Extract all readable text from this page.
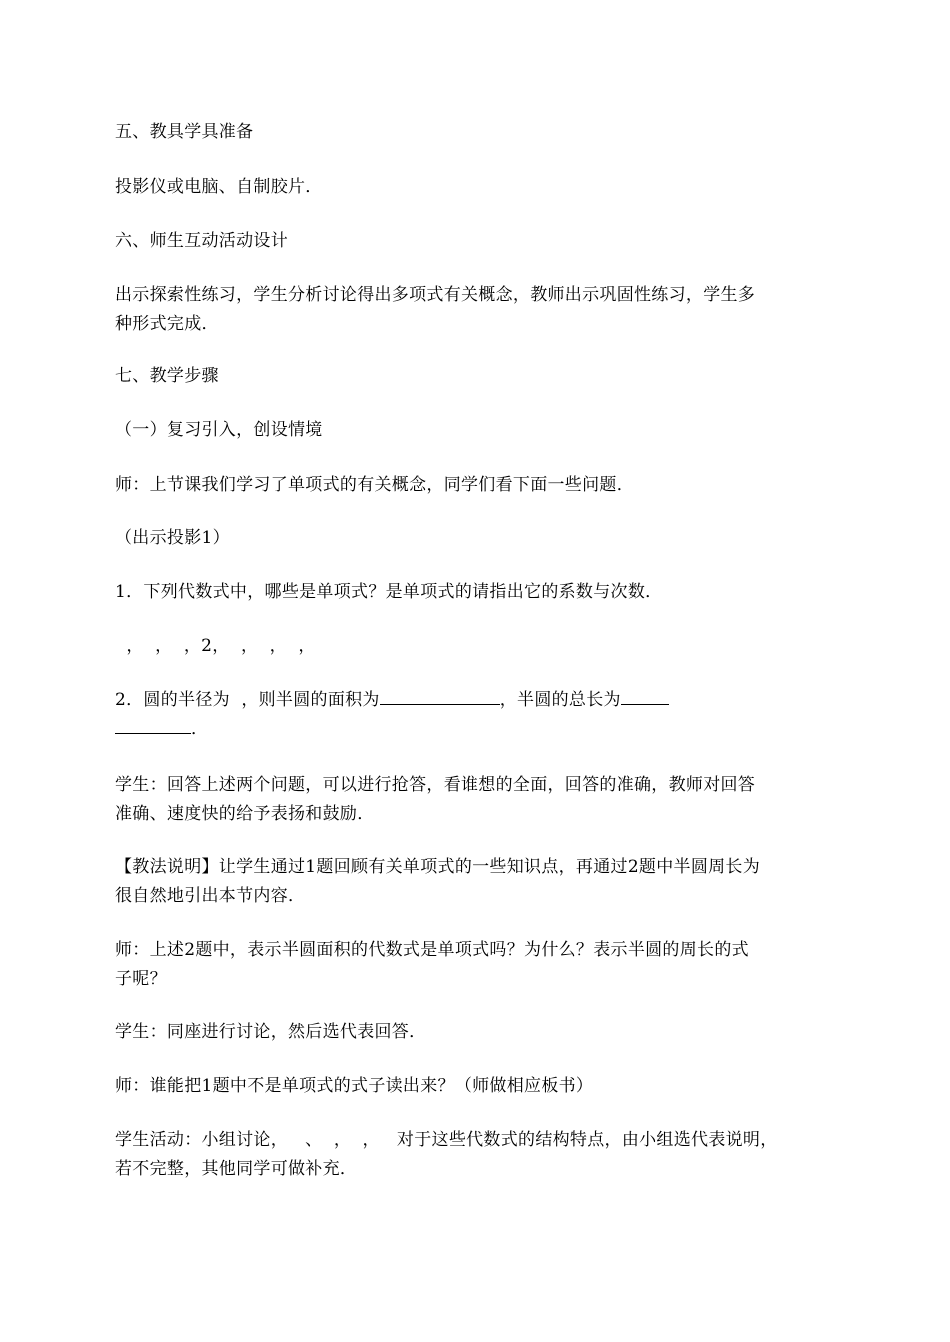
五、教具学具准备
投影仪或电脑、自制胶片．
六、师生互动活动设计
出示探索性练习，学生分析讨论得出多项式有关概念，教师出示巩固性练习，学生多
种形式完成．
七、教学步骤
（一）复习引入，创设情境
师：上节课我们学习了单项式的有关概念，同学们看下面一些问题．
（出示投影1）
1．下列代数式中，哪些是单项式？是单项式的请指出它的系数与次数．
，  ，  ，2，  ，  ，  ，
2．圆的半径为  ，则半圆的面积为	，半圆的总长为
．
学生：回答上述两个问题，可以进行抢答，看谁想的全面，回答的准确，教师对回答
准确、速度快的给予表扬和鼓励．
【教法说明】让学生通过1题回顾有关单项式的一些知识点，再通过2题中半圆周长为
很自然地引出本节内容．
师：上述2题中，表示半圆面积的代数式是单项式吗？为什么？表示半圆的周长的式
子呢？
学生：同座进行讨论，然后选代表回答．
师：谁能把1题中不是单项式的式子读出来？（师做相应板书）
学生活动：小组讨论，   、  ，  ，   对于这些代数式的结构特点，由小组选代表说明，
若不完整，其他同学可做补充．
